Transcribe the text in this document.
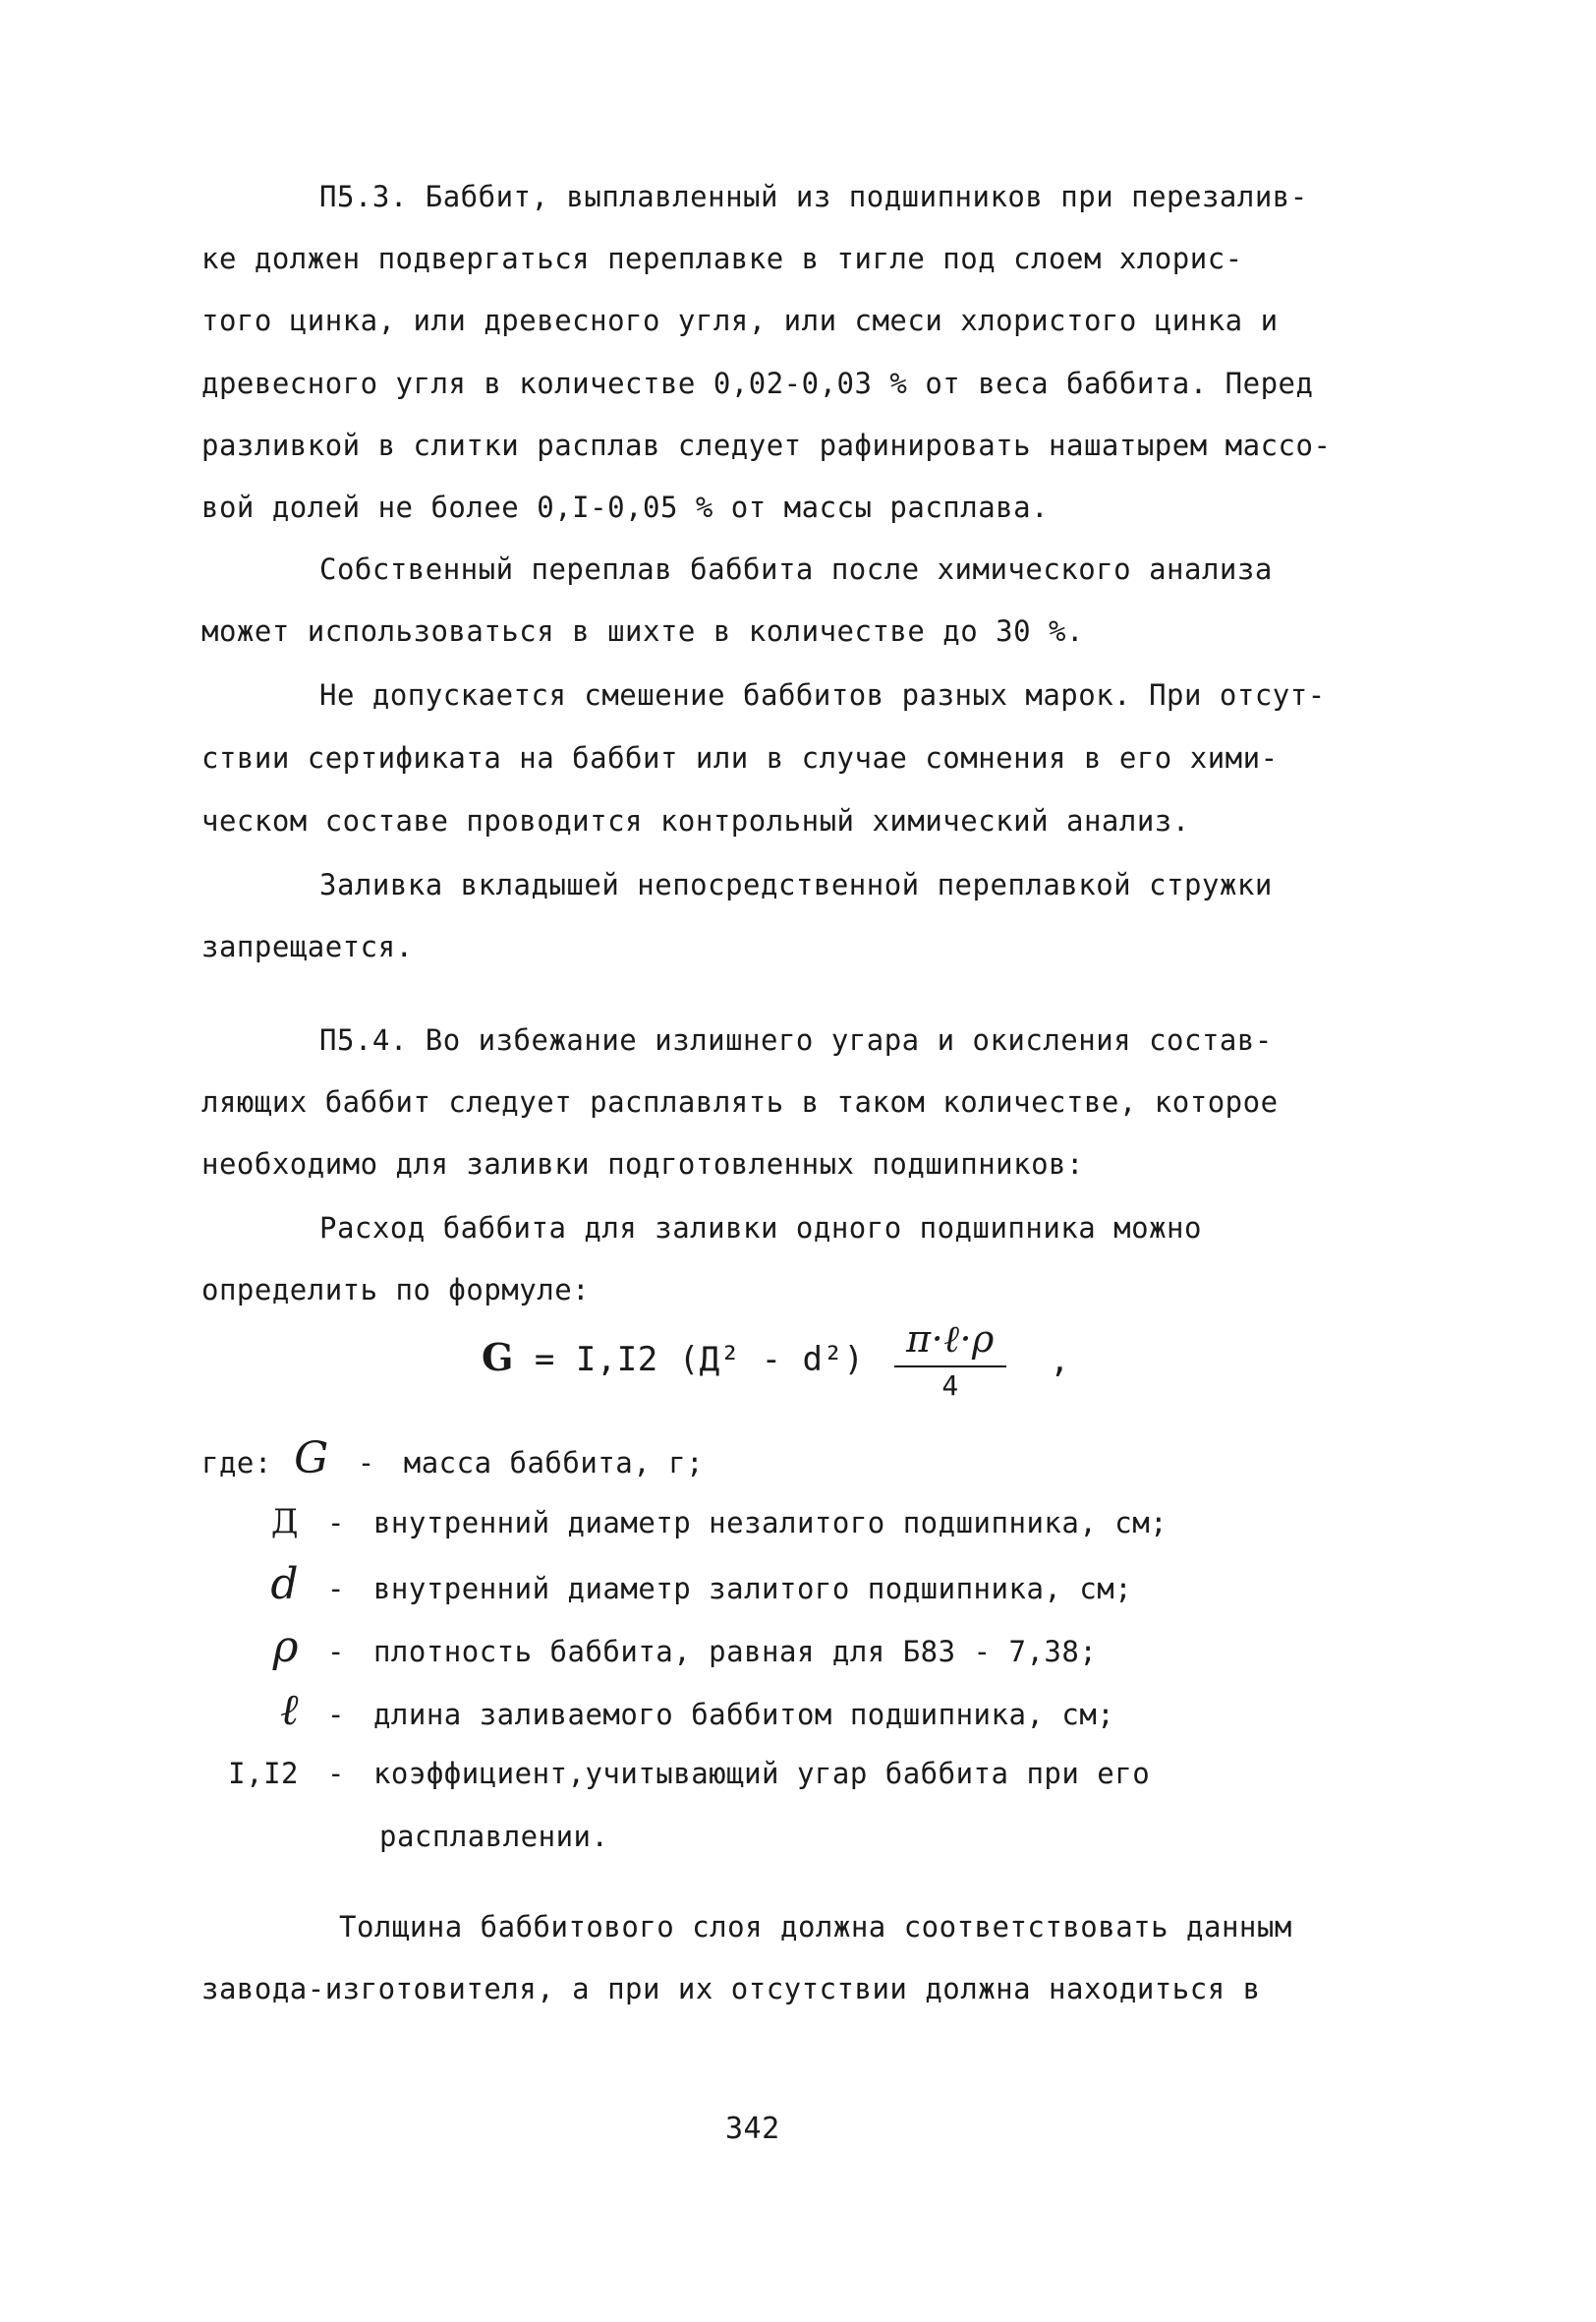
П5.3. Баббит, выплавленный из подшипников при перезалив-
ке должен подвергаться переплавке в тигле под слоем хлорис-
того цинка, или древесного угля, или смеси хлористого цинка и
древесного угля в количестве 0,02-0,03 % от веса баббита. Перед
разливкой в слитки расплав следует рафинировать нашатырем массо-
вой долей не более 0,I-0,05 % от массы расплава.
Собственный переплав баббита после химического анализа
может использоваться в шихте в количестве до 30 %.
Не допускается смешение баббитов разных марок. При отсут-
ствии сертификата на баббит или в случае сомнения в его хими-
ческом составе проводится контрольный химический анализ.
Заливка вкладышей непосредственной переплавкой стружки
запрещается.
П5.4. Во избежание излишнего угара и окисления состав-
ляющих баббит следует расплавлять в таком количестве, которое
необходимо для заливки подготовленных подшипников:
Расход баббита для заливки одного подшипника можно
определить по формуле:
G = I,I2 (Д² - d²)	π·ℓ·ρ
4
,
где: G - масса баббита, г;
Д - внутренний диаметр незалитого подшипника, см;
d - внутренний диаметр залитого подшипника, см;
ρ - плотность баббита, равная для Б83 - 7,38;
ℓ - длина заливаемого баббитом подшипника, см;
I,I2 - коэффициент,учитывающий угар баббита при его
расплавлении.
Толщина баббитового слоя должна соответствовать данным
завода-изготовителя, а при их отсутствии должна находиться в
342
